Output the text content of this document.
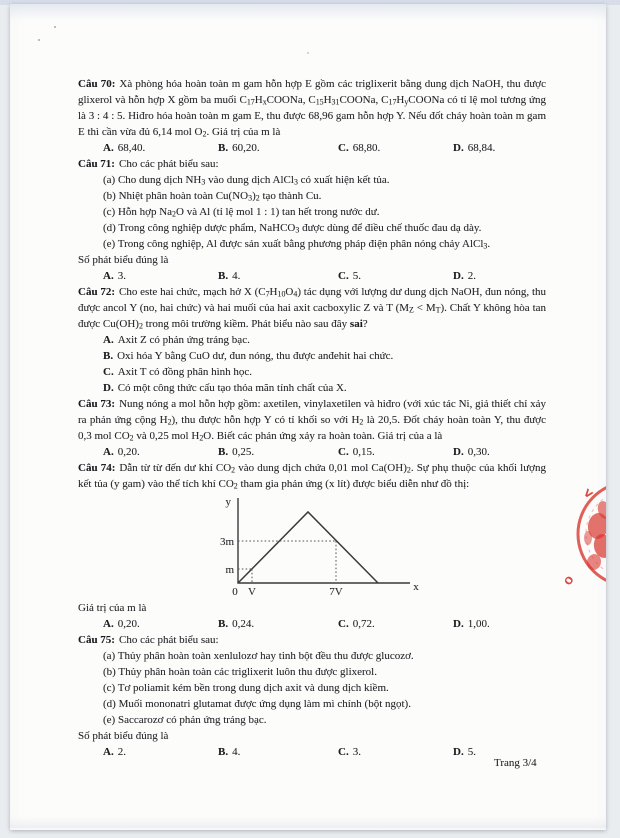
Câu 70: Xà phòng hóa hoàn toàn m gam hỗn hợp E gồm các triglixerit bằng dung dịch NaOH, thu được glixerol và hỗn hợp X gồm ba muối $C_{17}H_xCOONa$, $C_{15}H_{31}COONa$, $C_{17}H_yCOONa$ có tỉ lệ mol tương ứng là 3 : 4 : 5. Hiđro hóa hoàn toàn m gam E, thu được 68,96 gam hỗn hợp Y. Nếu đốt cháy hoàn toàn m gam E thì cần vừa đủ 6,14 mol $O_2$. Giá trị của m là

A. 68,40.	B. 60,20.	C. 68,80.	D. 68,84.

Câu 71: Cho các phát biểu sau:

(a) Cho dung dịch $NH_3$ vào dung dịch AlCl$_3$ có xuất hiện kết tủa.

(b) Nhiệt phân hoàn toàn $Cu(NO_3)_2$ tạo thành Cu.

(c) Hỗn hợp $Na_2O$ và Al (tỉ lệ mol 1 : 1) tan hết trong nước dư.

(d) Trong công nghiệp dược phẩm, NaHCO$_3$ được dùng để điều chế thuốc đau dạ dày.

(e) Trong công nghiệp, Al được sản xuất bằng phương pháp điện phân nóng chảy AlCl$_3$.

Số phát biểu đúng là

A. 3.	B. 4.	C. 5.	D. 2.

Câu 72: Cho este hai chức, mạch hở X $(C_7H_{10}O_4)$ tác dụng với lượng dư dung dịch NaOH, đun nóng, thu được ancol Y (no, hai chức) và hai muối của hai axit cacboxylic Z và T $(M_Z < M_T)$. Chất Y không hòa tan được $Cu(OH)_2$ trong môi trường kiềm. Phát biểu nào sau đây sai?

A. Axit Z có phản ứng tráng bạc.

B. Oxi hóa Y bằng CuO dư, đun nóng, thu được anđehit hai chức.

C. Axit T có đồng phân hình học.

D. Có một công thức cấu tạo thỏa mãn tính chất của X.

Câu 73: Nung nóng a mol hỗn hợp gồm: axetilen, vinylaxetilen và hiđro (với xúc tác Ni, giả thiết chỉ xảy ra phản ứng cộng $H_2$), thu được hỗn hợp Y có tỉ khối so với $H_2$ là 20,5. Đốt cháy hoàn toàn Y, thu được 0,3 mol $CO_2$ và 0,25 mol $H_2O$. Biết các phản ứng xảy ra hoàn toàn. Giá trị của a là

A. 0,20.	B. 0,25.	C. 0,15.	D. 0,30.

Câu 74: Dẫn từ từ đến dư khí $CO_2$ vào dung dịch chứa 0,01 mol $Ca(OH)_2$. Sự phụ thuộc của khối lượng kết tủa (y gam) vào thể tích khí $CO_2$ tham gia phản ứng (x lít) được biểu diễn như đồ thị:

y
x
0 V	7V
3m
m

Giá trị của m là

A. 0,20.	B. 0,24.	C. 0,72.	D. 1,00.

Câu 75: Cho các phát biểu sau:

(a) Thủy phân hoàn toàn xenlulozơ hay tinh bột đều thu được glucozơ.

(b) Thủy phân hoàn toàn các triglixerit luôn thu được glixerol.

(c) Tơ poliamit kém bền trong dung dịch axit và dung dịch kiềm.

(d) Muối mononatri glutamat được ứng dụng làm mì chính (bột ngọt).

(e) Saccarozơ có phản ứng tráng bạc.

Số phát biểu đúng là

A. 2.	B. 4.	C. 3.	D. 5.
V
O
Trang 3/4
